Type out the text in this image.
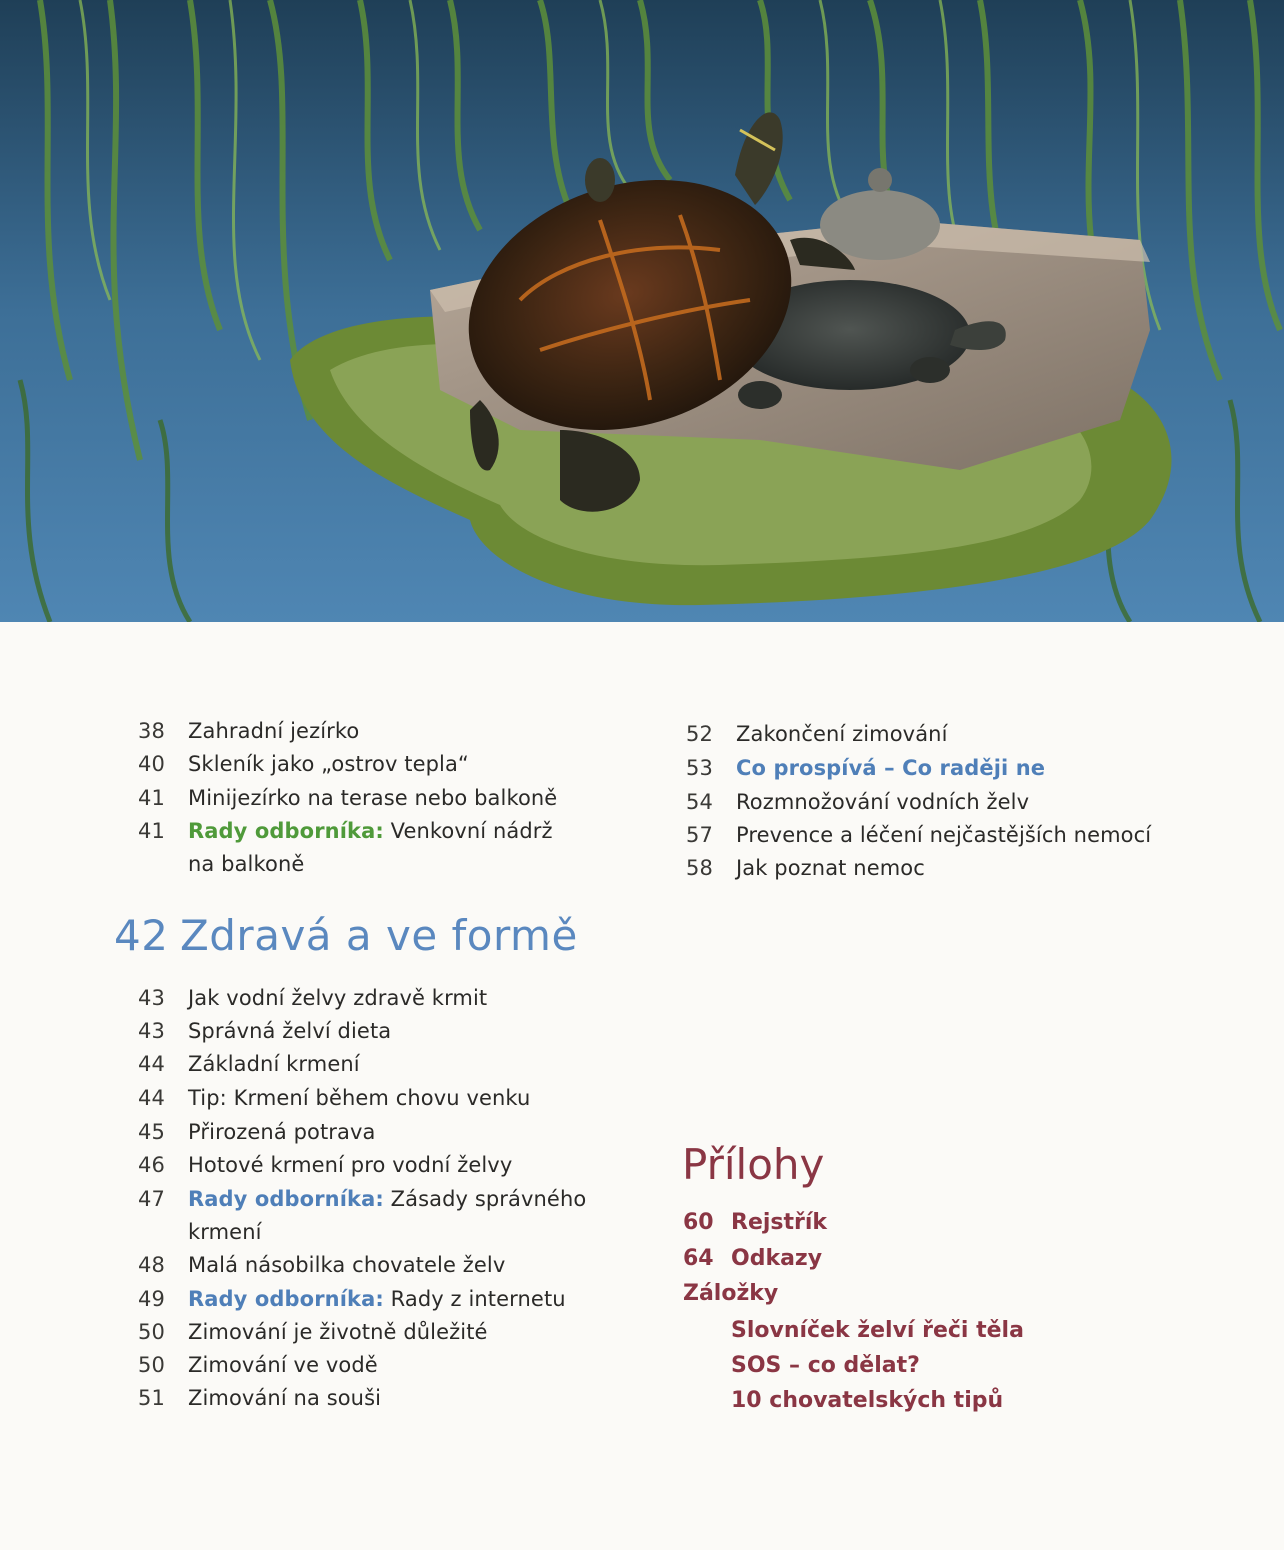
38 Zahradní jezírko
40 Skleník jako „ostrov tepla“
41 Minijezírko na terase nebo balkoně
41 Rady odborníka: Venkovní nádrž
na balkoně
42 Zdravá a ve formě
43 Jak vodní želvy zdravě krmit
43 Správná želví dieta
44 Základní krmení
44 Tip: Krmení během chovu venku
45 Přirozená potrava
46 Hotové krmení pro vodní želvy
47 Rady odborníka: Zásady správného
krmení
48 Malá násobilka chovatele želv
49 Rady odborníka: Rady z internetu
50 Zimování je životně důležité
50 Zimování ve vodě
51 Zimování na souši
52 Zakončení zimování
53 Co prospívá – Co raději ne
54 Rozmnožování vodních želv
57 Prevence a léčení nejčastějších nemocí
58 Jak poznat nemoc
Přílohy
60 Rejstřík
64 Odkazy
Záložky
Slovníček želví řeči těla
SOS – co dělat?
10 chovatelských tipů
